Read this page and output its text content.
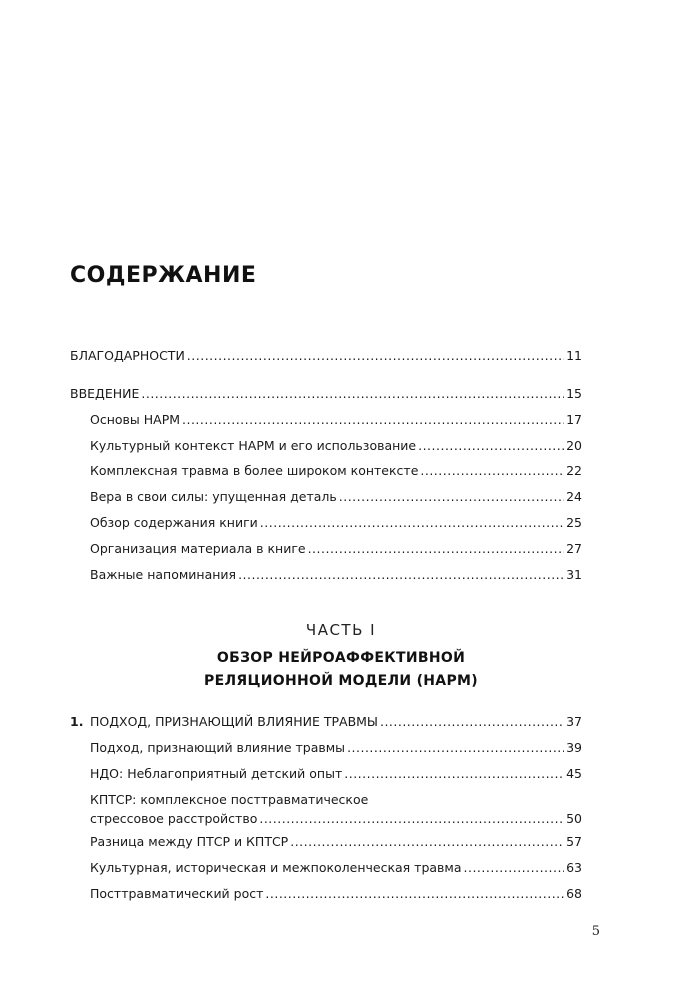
СОДЕРЖАНИЕ
БЛАГОДАРНОСТИ .....	11
ВВЕДЕНИЕ .....	15
Основы НАРМ .....	17
Культурный контекст НАРМ и его использование .....	20
Комплексная травма в более широком контексте .....	22
Вера в свои силы: упущенная деталь .....	24
Обзор содержания книги .....	25
Организация материала в книге .....	27
Важные напоминания .....	31
ЧАСТЬ I
ОБЗОР НЕЙРОАФФЕКТИВНОЙ
РЕЛЯЦИОННОЙ МОДЕЛИ (НАРМ)
1. ПОДХОД, ПРИЗНАЮЩИЙ ВЛИЯНИЕ ТРАВМЫ .....	37
Подход, признающий влияние травмы .....	39
НДО: Неблагоприятный детский опыт .....	45
КПТСР: комплексное посттравматическое
стрессовое расстройство .....	50
Разница между ПТСР и КПТСР .....	57
Культурная, историческая и межпоколенческая травма .....	63
Посттравматический рост .....	68
5
